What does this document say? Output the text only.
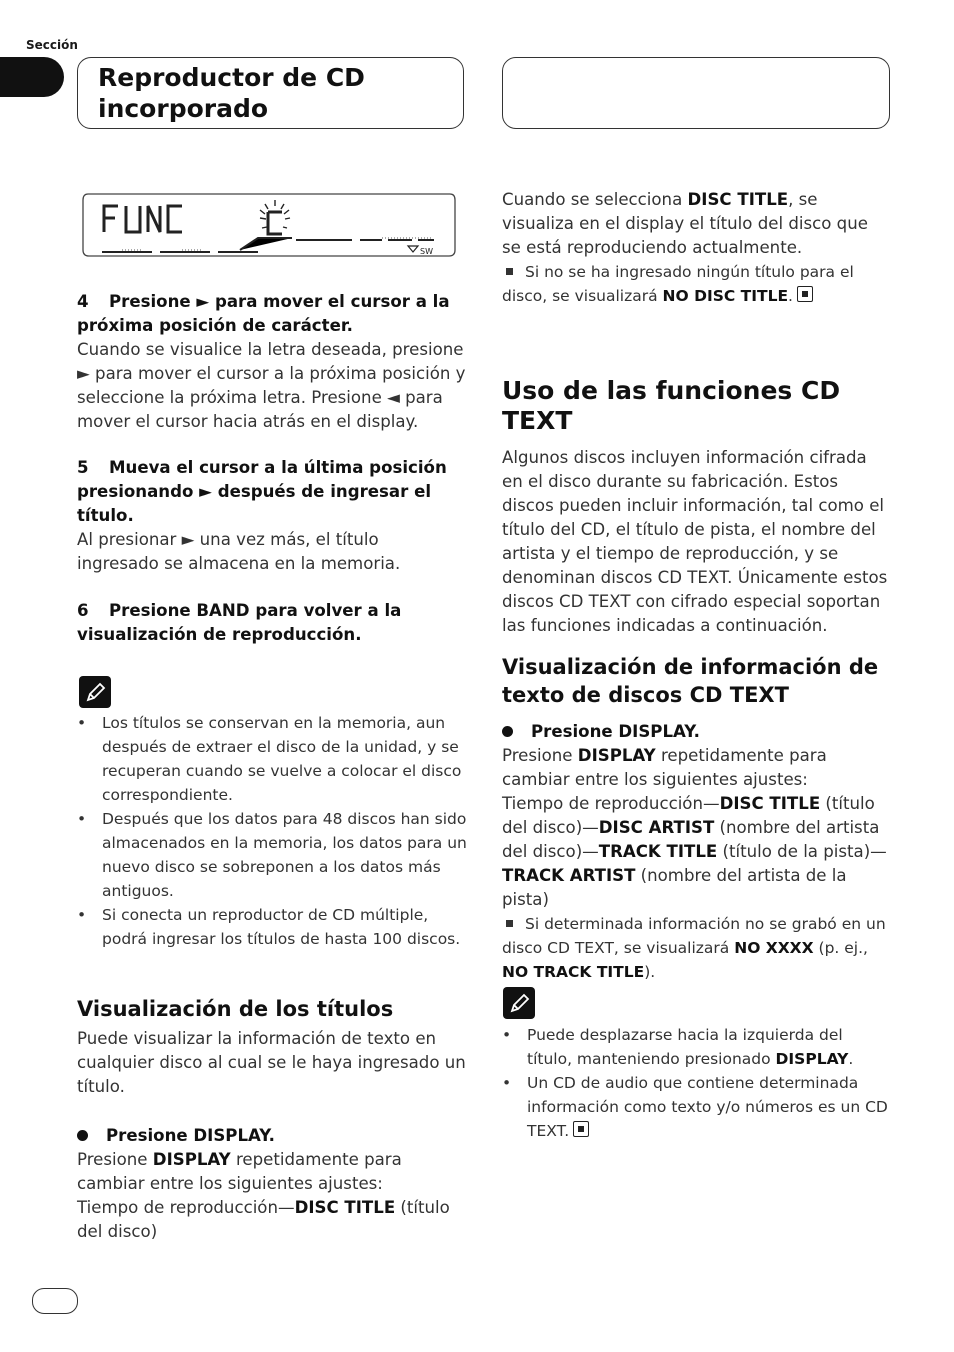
Sección
Reproductor de CD incorporado
SW

4 Presione ► para mover el cursor a la próxima posición de carácter.

Cuando se visualice la letra deseada, presione ► para mover el cursor a la próxima posición y seleccione la próxima letra. Presione ◄ para mover el cursor hacia atrás en el display.

5 Mueva el cursor a la última posición presionando ► después de ingresar el título.

Al presionar ► una vez más, el título ingresado se almacena en la memoria.

6 Presione BAND para volver a la visualización de reproducción.

• Los títulos se conservan en la memoria, aun después de extraer el disco de la unidad, y se recuperan cuando se vuelve a colocar el disco correspondiente.
• Después que los datos para 48 discos han sido almacenados en la memoria, los datos para un nuevo disco se sobreponen a los datos más antiguos.
• Si conecta un reproductor de CD múltiple, podrá ingresar los títulos de hasta 100 discos.
Visualización de los títulos

Puede visualizar la información de texto en cualquier disco al cual se le haya ingresado un título.

Presione DISPLAY.

Presione DISPLAY repetidamente para cambiar entre los siguientes ajustes:

Tiempo de reproducción—DISC TITLE (título del disco)

Cuando se selecciona DISC TITLE, se visualiza en el display el título del disco que se está reproduciendo actualmente.

Si no se ha ingresado ningún título para el disco, se visualizará NO DISC TITLE.

Uso de las funciones CD TEXT

Algunos discos incluyen información cifrada en el disco durante su fabricación. Estos discos pueden incluir información, tal como el título del CD, el título de pista, el nombre del artista y el tiempo de reproducción, y se denominan discos CD TEXT. Únicamente estos discos CD TEXT con cifrado especial soportan las funciones indicadas a continuación.

Visualización de información de texto de discos CD TEXT

Presione DISPLAY.

Presione DISPLAY repetidamente para cambiar entre los siguientes ajustes:

Tiempo de reproducción—DISC TITLE (título del disco)—DISC ARTIST (nombre del artista del disco)—TRACK TITLE (título de la pista)—TRACK ARTIST (nombre del artista de la pista)

Si determinada información no se grabó en un disco CD TEXT, se visualizará NO XXXX (p. ej., NO TRACK TITLE).

• Puede desplazarse hacia la izquierda del título, manteniendo presionado DISPLAY.
• Un CD de audio que contiene determinada información como texto y/o números es un CD TEXT.
